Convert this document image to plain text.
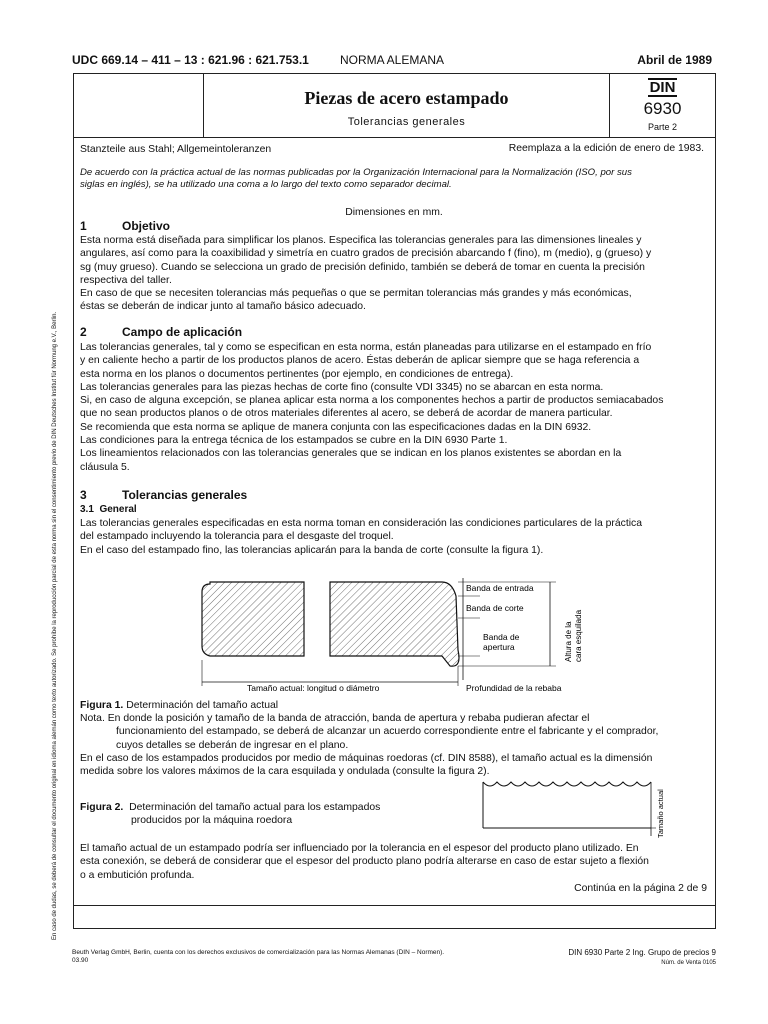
UDC 669.14 – 411 – 13 : 621.96 : 621.753.1	NORMA ALEMANA	Abril de 1989
Piezas de acero estampado
Tolerancias generales
DIN
6930
Parte 2
En caso de dudas, se deberá de consultar el documento original en idioma alemán como texto autorizado. Se prohíbe la reproducción parcial de esta norma sin el consentimiento previo de DIN Deutsches Institut für Normung e.V., Berlin.
Stanzteile aus Stahl; Allgemeintoleranzen	Reemplaza a la edición de enero de 1983.
De acuerdo con la práctica actual de las normas publicadas por la Organización Internacional para la Normalización (ISO, por sus
siglas en inglés), se ha utilizado una coma a lo largo del texto como separador decimal.
Dimensiones en mm.
1	Objetivo
Esta norma está diseñada para simplificar los planos. Especifica las tolerancias generales para las dimensiones lineales y
angulares, así como para la coaxibilidad y simetría en cuatro grados de precisión abarcando f (fino), m (medio), g (grueso) y
sg (muy grueso). Cuando se selecciona un grado de precisión definido, también se deberá de tomar en cuenta la precisión
respectiva del taller.
En caso de que se necesiten tolerancias más pequeñas o que se permitan tolerancias más grandes y más económicas,
éstas se deberán de indicar junto al tamaño básico adecuado.
2	Campo de aplicación
Las tolerancias generales, tal y como se especifican en esta norma, están planeadas para utilizarse en el estampado en frío
y en caliente hecho a partir de los productos planos de acero. Éstas deberán de aplicar siempre que se haga referencia a
esta norma en los planos o documentos pertinentes (por ejemplo, en condiciones de entrega).
Las tolerancias generales para las piezas hechas de corte fino (consulte VDI 3345) no se abarcan en esta norma.
Si, en caso de alguna excepción, se planea aplicar esta norma a los componentes hechos a partir de productos semiacabados
que no sean productos planos o de otros materiales diferentes al acero, se deberá de acordar de manera particular.
Se recomienda que esta norma se aplique de manera conjunta con las especificaciones dadas en la DIN 6932.
Las condiciones para la entrega técnica de los estampados se cubre en la DIN 6930 Parte 1.
Los lineamientos relacionados con las tolerancias generales que se indican en los planos existentes se abordan en la
cláusula 5.
3	Tolerancias generales
3.1 General
Las tolerancias generales especificadas en esta norma toman en consideración las condiciones particulares de la práctica
del estampado incluyendo la tolerancia para el desgaste del troquel.
En el caso del estampado fino, las tolerancias aplicarán para la banda de corte (consulte la figura 1).
Banda de entrada
Banda de corte
Banda de
apertura	Altura de la cara esquilada
Tamaño actual: longitud o diámetro	Profundidad de la rebaba
Figura 1. Determinación del tamaño actual
Nota. En donde la posición y tamaño de la banda de atracción, banda de apertura y rebaba pudieran afectar el
funcionamiento del estampado, se deberá de alcanzar un acuerdo correspondiente entre el fabricante y el comprador,
cuyos detalles se deberán de ingresar en el plano.
En el caso de los estampados producidos por medio de máquinas roedoras (cf. DIN 8588), el tamaño actual es la dimensión
medida sobre los valores máximos de la cara esquilada y ondulada (consulte la figura 2).
Figura 2. Determinación del tamaño actual para los estampados
producidos por la máquina roedora	Tamaño actual
El tamaño actual de un estampado podría ser influenciado por la tolerancia en el espesor del producto plano utilizado. En
esta conexión, se deberá de considerar que el espesor del producto plano podría alterarse en caso de estar sujeto a flexión
o a embutición profunda.
Continúa en la página 2 de 9
Beuth Verlag GmbH, Berlin, cuenta con los derechos exclusivos de comercialización para las Normas Alemanas (DIN – Normen).
03.90
DIN 6930 Parte 2 Ing. Grupo de precios 9
Núm. de Venta 0105
